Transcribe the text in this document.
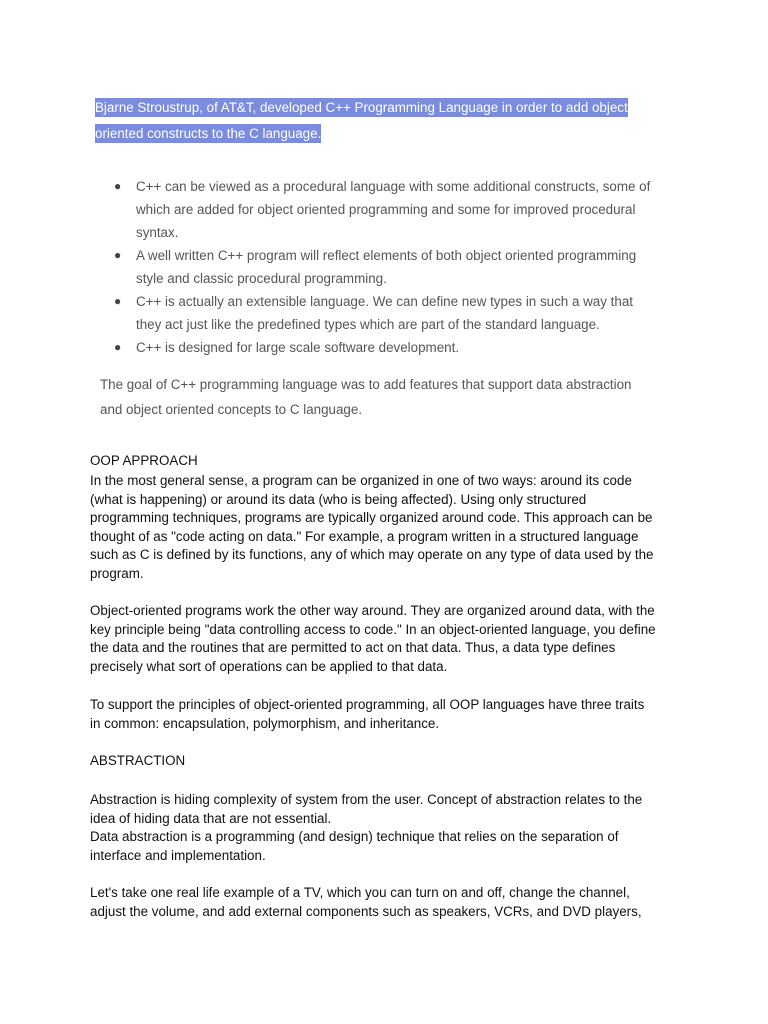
Bjarne Stroustrup, of AT&T, developed C++ Programming Language in order to add object
oriented constructs to the C language.
● C++ can be viewed as a procedural language with some additional constructs, some of
which are added for object oriented programming and some for improved procedural
syntax.
● A well written C++ program will reflect elements of both object oriented programming
style and classic procedural programming.
● C++ is actually an extensible language. We can define new types in such a way that
they act just like the predefined types which are part of the standard language.
● C++ is designed for large scale software development.
The goal of C++ programming language was to add features that support data abstraction
and object oriented concepts to C language.

OOP APPROACH

In the most general sense, a program can be organized in one of two ways: around its code
(what is happening) or around its data (who is being affected). Using only structured
programming techniques, programs are typically organized around code. This approach can be
thought of as "code acting on data." For example, a program written in a structured language
such as C is defined by its functions, any of which may operate on any type of data used by the
program.

Object-oriented programs work the other way around. They are organized around data, with the
key principle being "data controlling access to code." In an object-oriented language, you define
the data and the routines that are permitted to act on that data. Thus, a data type defines
precisely what sort of operations can be applied to that data.

To support the principles of object-oriented programming, all OOP languages have three traits
in common: encapsulation, polymorphism, and inheritance.

ABSTRACTION

Abstraction is hiding complexity of system from the user. Concept of abstraction relates to the
idea of hiding data that are not essential.
Data abstraction is a programming (and design) technique that relies on the separation of
interface and implementation.

Let's take one real life example of a TV, which you can turn on and off, change the channel,
adjust the volume, and add external components such as speakers, VCRs, and DVD players,
